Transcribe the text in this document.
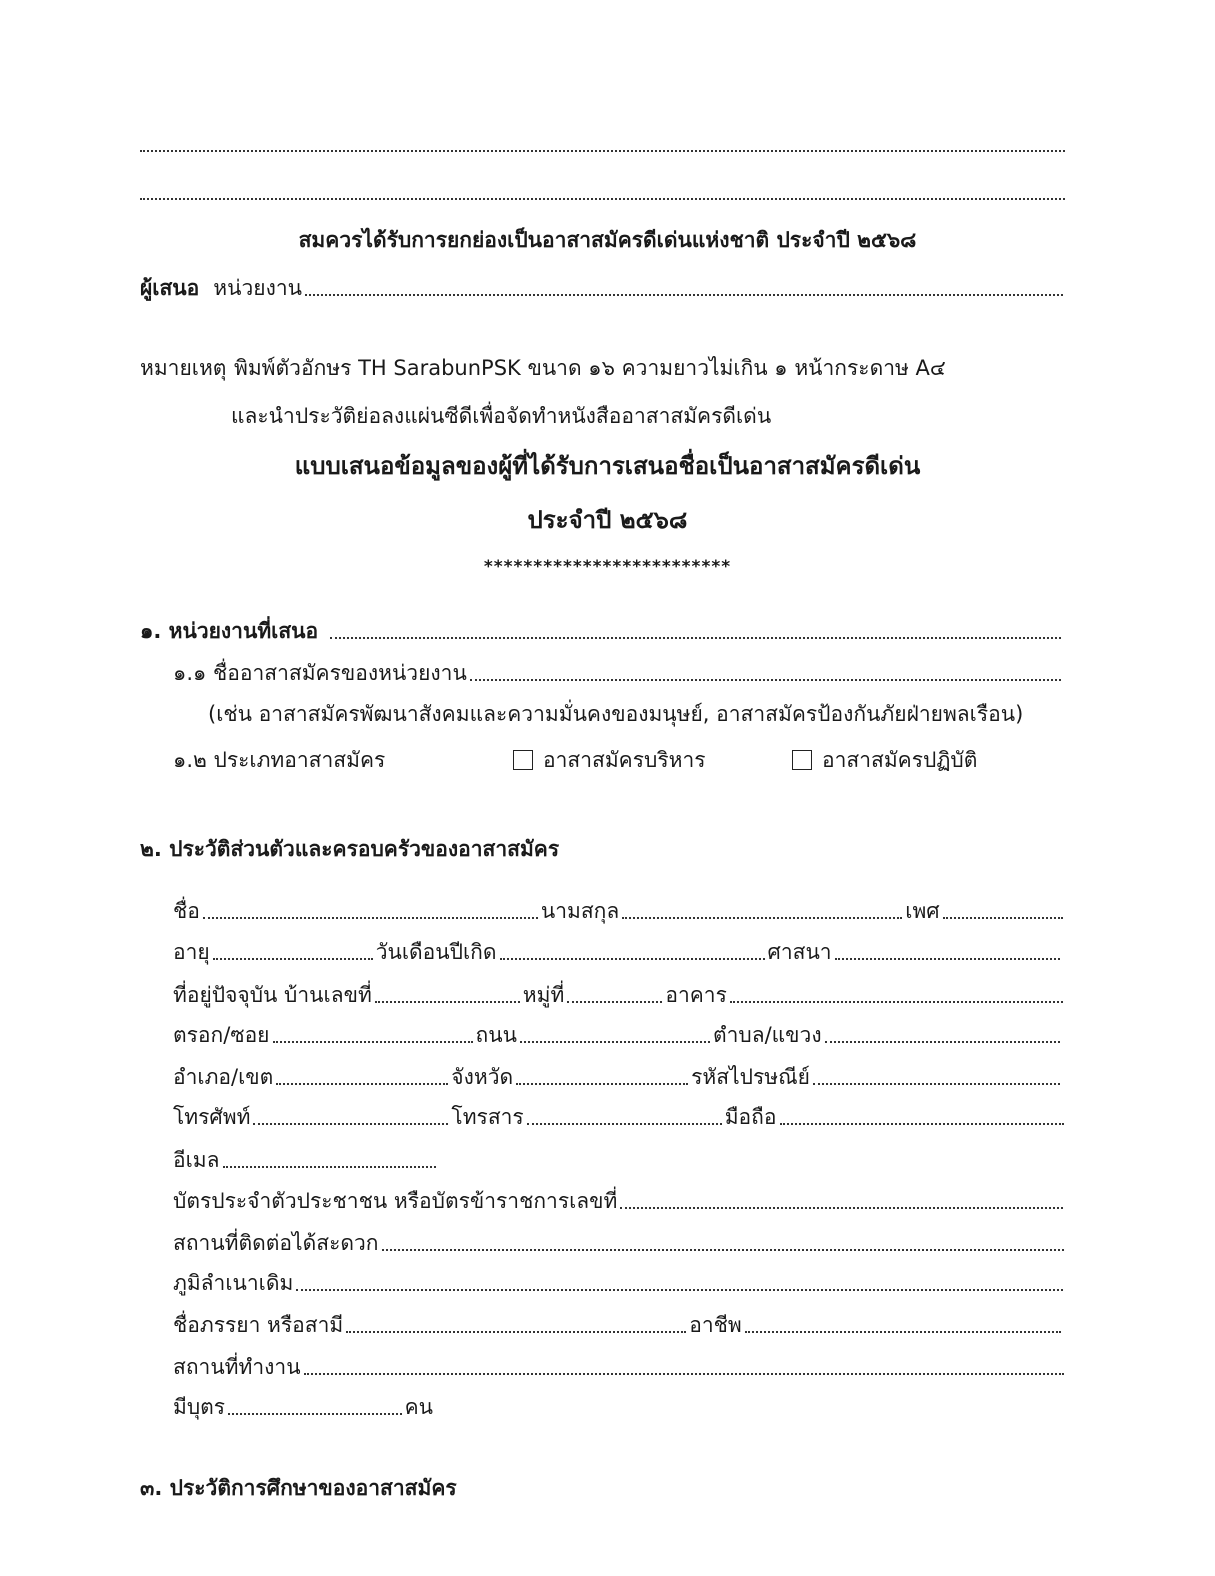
สมควรได้รับการยกย่องเป็นอาสาสมัครดีเด่นแห่งชาติ ประจำปี ๒๕๖๘
ผู้เสนอ หน่วยงาน
หมายเหตุ พิมพ์ตัวอักษร TH SarabunPSK ขนาด ๑๖ ความยาวไม่เกิน ๑ หน้ากระดาษ A๔
และนำประวัติย่อลงแผ่นซีดีเพื่อจัดทำหนังสืออาสาสมัครดีเด่น
แบบเสนอข้อมูลของผู้ที่ได้รับการเสนอชื่อเป็นอาสาสมัครดีเด่น
ประจำปี ๒๕๖๘
*************************
๑. หน่วยงานที่เสนอ
๑.๑ ชื่ออาสาสมัครของหน่วยงาน
(เช่น อาสาสมัครพัฒนาสังคมและความมั่นคงของมนุษย์, อาสาสมัครป้องกันภัยฝ่ายพลเรือน)
๑.๒ ประเภทอาสาสมัคร	อาสาสมัครบริหาร	อาสาสมัครปฏิบัติ
๒. ประวัติส่วนตัวและครอบครัวของอาสาสมัคร
ชื่อ	นามสกุล	เพศ
อายุ	วันเดือนปีเกิด	ศาสนา
ที่อยู่ปัจจุบัน บ้านเลขที่	หมู่ที่	อาคาร
ตรอก/ซอย	ถนน	ตำบล/แขวง
อำเภอ/เขต	จังหวัด	รหัสไปรษณีย์
โทรศัพท์	โทรสาร	มือถือ
อีเมล
บัตรประจำตัวประชาชน หรือบัตรข้าราชการเลขที่
สถานที่ติดต่อได้สะดวก
ภูมิลำเนาเดิม
ชื่อภรรยา หรือสามี	อาชีพ
สถานที่ทำงาน
มีบุตร	คน
๓. ประวัติการศึกษาของอาสาสมัคร
